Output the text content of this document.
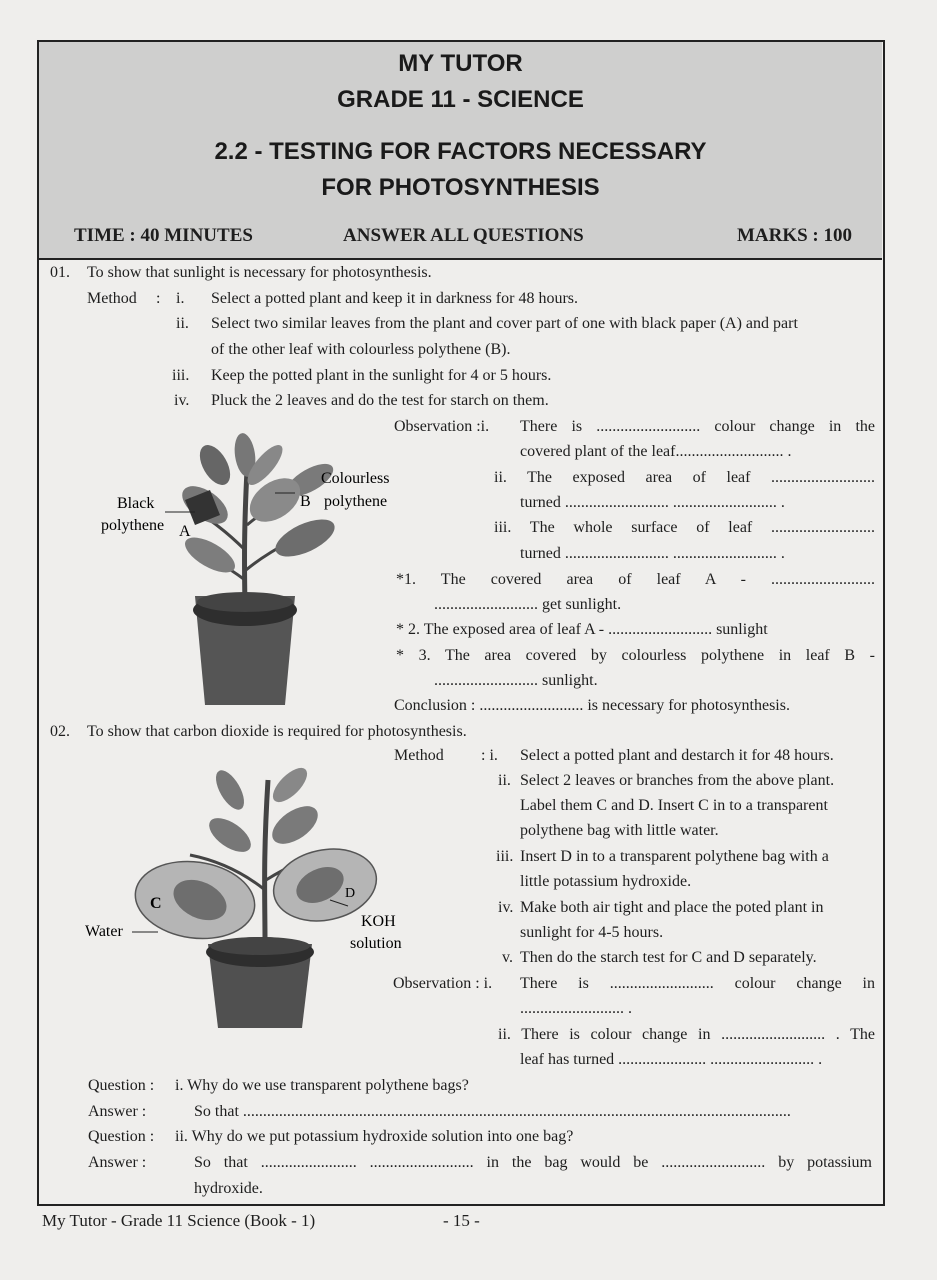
MY TUTOR
GRADE 11 - SCIENCE
2.2 - TESTING FOR FACTORS NECESSARY
FOR PHOTOSYNTHESIS
TIME : 40 MINUTES	ANSWER ALL QUESTIONS	MARKS : 100
01. To show that sunlight is necessary for photosynthesis.
Method : i. Select a potted plant and keep it in darkness for 48 hours.
ii. Select two similar leaves from the plant and cover part of one with black paper (A) and part
of the other leaf with colourless polythene (B).
iii. Keep the potted plant in the sunlight for 4 or 5 hours.
iv. Pluck the 2 leaves and do the test for starch on them.
Observation :i. There is .......................... colour change in the
covered plant of the leaf........................... .
ii. The exposed area of leaf ..........................
turned .......................... .......................... .
iii. The whole surface of leaf ..........................
turned .......................... .......................... .
*1. The covered area of leaf A - ..........................
.......................... get sunlight.
* 2. The exposed area of leaf A - .......................... sunlight
* 3. The area covered by colourless polythene in leaf B -
.......................... sunlight.
Conclusion : .......................... is necessary for photosynthesis.
Colourless
B polythene
Black
polythene A
02. To show that carbon dioxide is required for photosynthesis.
Method : i. Select a potted plant and destarch it for 48 hours.
ii. Select 2 leaves or branches from the above plant.
Label them C and D. Insert C in to a transparent
polythene bag with little water.
iii. Insert D in to a transparent polythene bag with a
little potassium hydroxide.
iv. Make both air tight and place the poted plant in
sunlight for 4-5 hours.
v. Then do the starch test for C and D separately.
Observation : i. There is .......................... colour change in
.......................... .
ii. There is colour change in .......................... . The
leaf has turned ...................... .......................... .
C
D
Water
KOH
solution
Question : i. Why do we use transparent polythene bags?
Answer :	So that .........................................................................................................................................
Question : ii. Why do we put potassium hydroxide solution into one bag?
Answer :	So that ........................ .......................... in the bag would be .......................... by potassium
hydroxide.
My Tutor - Grade 11 Science (Book - 1)	- 15 -
